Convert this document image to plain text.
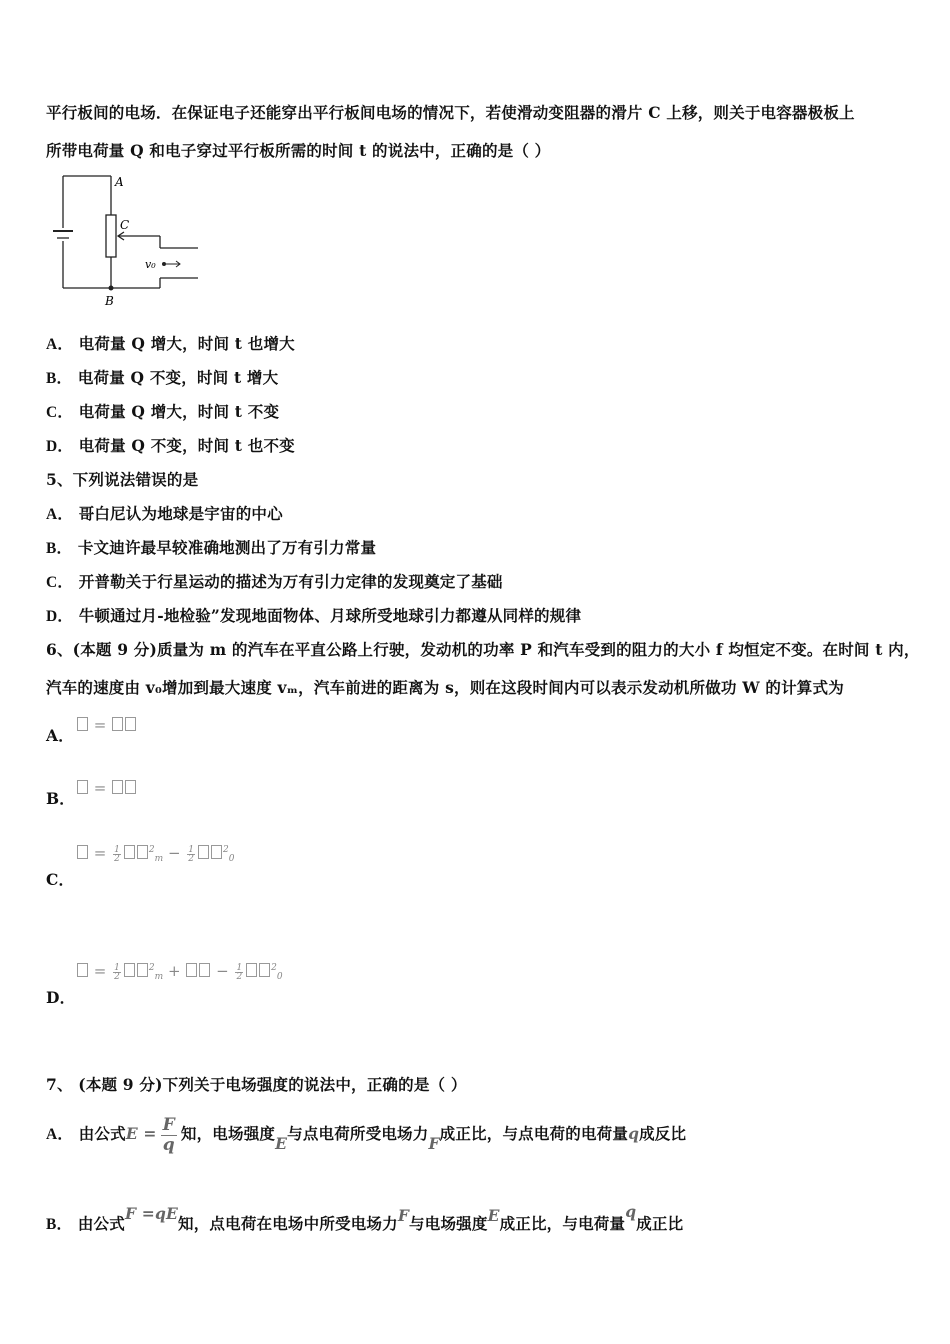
平行板间的电场．在保证电子还能穿出平行板间电场的情况下，若使滑动变阻器的滑片 C 上移，则关于电容器极板上
所带电荷量 Q 和电子穿过平行板所需的时间 t 的说法中，正确的是（ ）
A
B
C
v₀
A． 电荷量 Q 增大，时间 t 也增大
B． 电荷量 Q 不变，时间 t 增大
C． 电荷量 Q 增大，时间 t 不变
D． 电荷量 Q 不变，时间 t 也不变
5、下列说法错误的是
A． 哥白尼认为地球是宇宙的中心
B． 卡文迪许最早较准确地测出了万有引力常量
C． 开普勒关于行星运动的描述为万有引力定律的发现奠定了基础
D． 牛顿通过月-地检验”发现地面物体、月球所受地球引力都遵从同样的规律
6、(本题 9 分)质量为 m 的汽车在平直公路上行驶，发动机的功率 P 和汽车受到的阻力的大小 f 均恒定不变。在时间 t 内，
汽车的速度由 v₀增加到最大速度 vₘ，汽车前进的距离为 s，则在这段时间内可以表示发动机所做功 W 的计算式为
A．
=
B．
=
C．
= $\frac{1}{2}$	$^2_m - \frac{1}{2}$	$^2_0$
D．
= $\frac{1}{2}$	$^2_m$ + − $\frac{1}{2}$	$^2_0$
7、 (本题 9 分)下列关于电场强度的说法中，正确的是（ ）
A． 由公式$E = \frac{F}{q}$ 知，电场强度E与点电荷所受电场力F成正比，与点电荷的电荷量q成反比
B． 由公式F =qE知，点电荷在电场中所受电场力F与电场强度E成正比，与电荷量q成正比
